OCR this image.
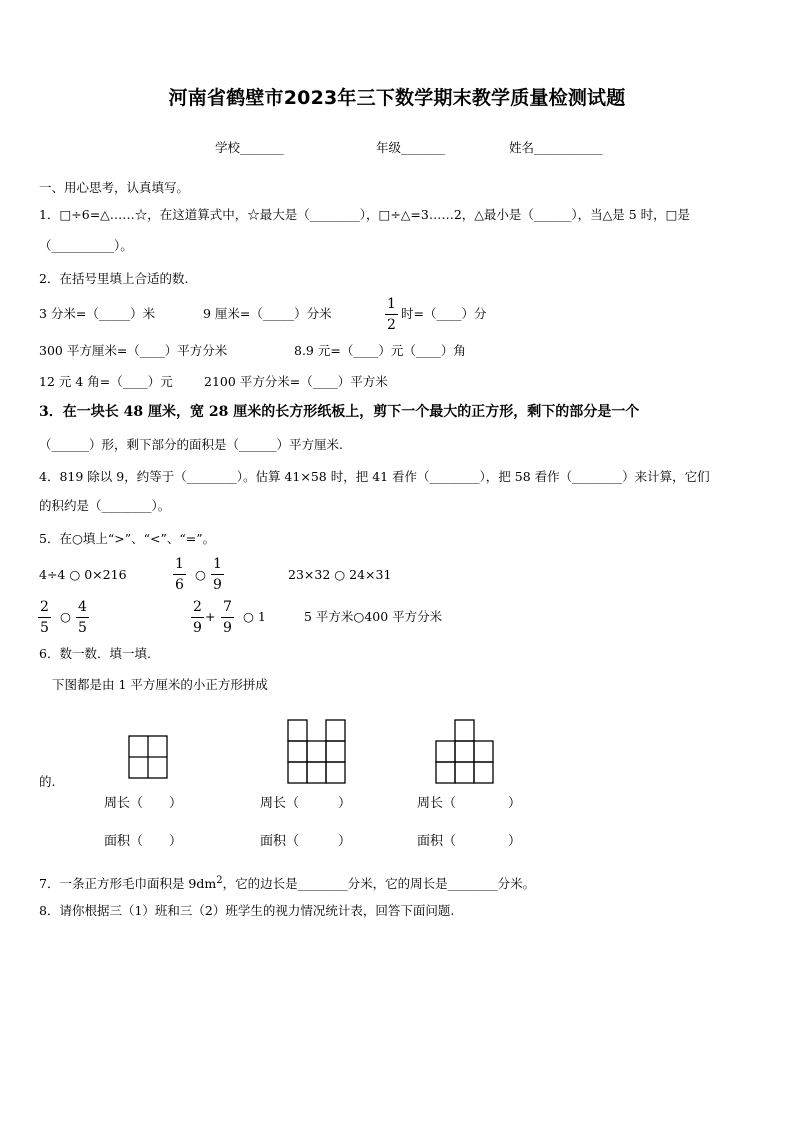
河南省鹤壁市2023年三下数学期末教学质量检测试题
学校_______	年级_______	姓名___________
一、用心思考，认真填写。
1．□÷6=△……☆，在这道算式中，☆最大是（________），□÷△=3……2，△最小是（______），当△是 5 时，□是
（__________）。
2．在括号里填上合适的数.
3 分米=（_____）米	9 厘米=（_____）分米	$\frac{1}{2}$ 时=（____）分
300 平方厘米=（____）平方分米	8.9 元=（____）元（____）角
12 元 4 角=（____）元 2100 平方分米=（____）平方米
3．在一块长 48 厘米，宽 28 厘米的长方形纸板上，剪下一个最大的正方形，剩下的部分是一个
（______）形，剩下部分的面积是（______）平方厘米.
4．819 除以 9，约等于（________）。估算 41×58 时，把 41 看作（________），把 58 看作（________）来计算，它们
的积约是（________）。
5．在○填上“>”、“<”、“=”。
4÷4 ○ 0×216	$\frac{1}{6}$ ○ $\frac{1}{9}$	23×32 ○ 24×31
$\frac{2}{5}$ ○ $\frac{4}{5}$	$\frac{2}{9} + \frac{7}{9}$ ○ 1	5 平方米○400 平方分米
6．数一数．填一填.
下图都是由 1 平方厘米的小正方形拼成
的.
周长（　　）	周长（　　　）	周长（　　　　）
面积（　　）	面积（　　　）	面积（　　　　）
7．一条正方形毛巾面积是 $9dm^2$，它的边长是________分米，它的周长是________分米。
8．请你根据三（1）班和三（2）班学生的视力情况统计表，回答下面问题.
